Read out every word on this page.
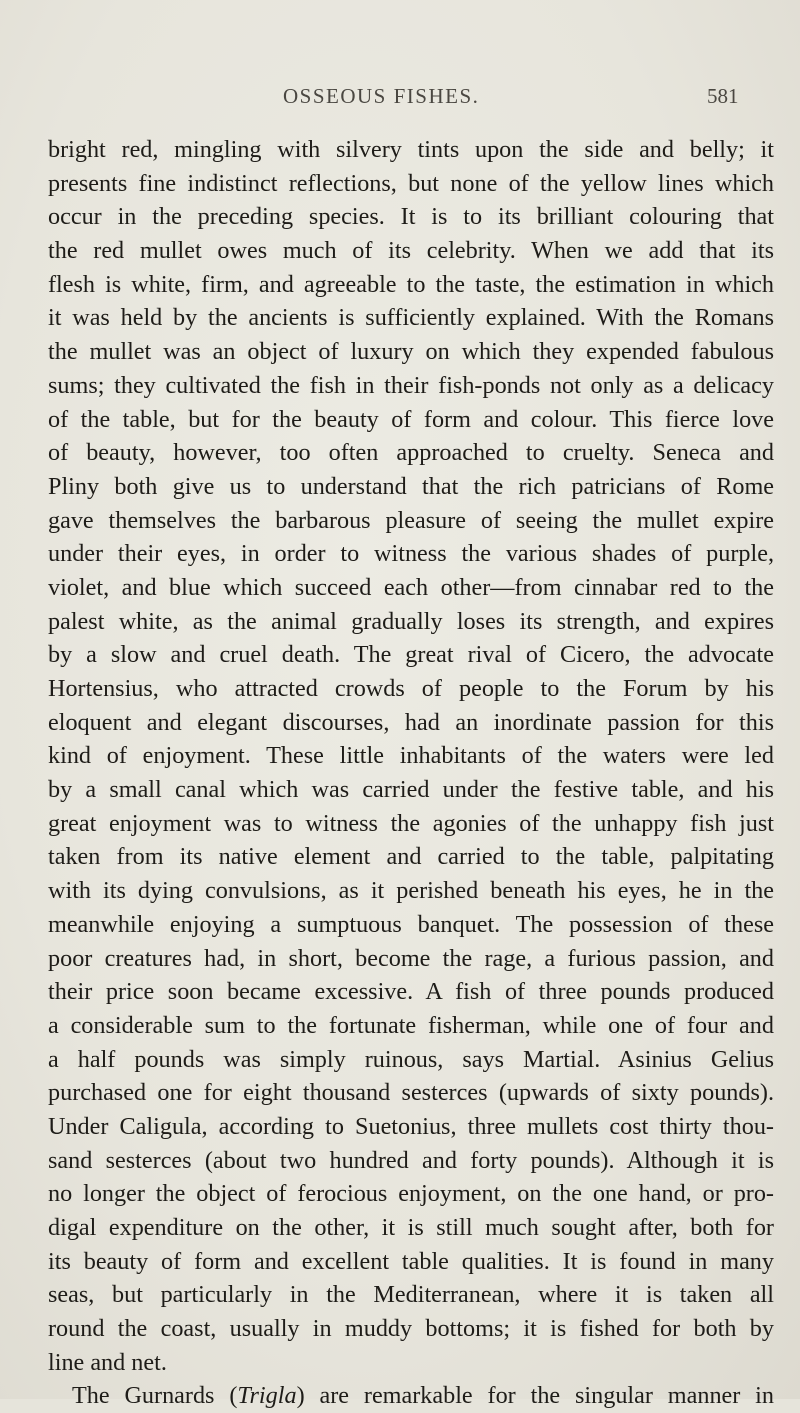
OSSEOUS FISHES.	581
bright red, mingling with silvery tints upon the side and belly; it
presents fine indistinct reflections, but none of the yellow lines which
occur in the preceding species. It is to its brilliant colouring that
the red mullet owes much of its celebrity. When we add that its
flesh is white, firm, and agreeable to the taste, the estimation in which
it was held by the ancients is sufficiently explained. With the Romans
the mullet was an object of luxury on which they expended fabulous
sums; they cultivated the fish in their fish-ponds not only as a delicacy
of the table, but for the beauty of form and colour. This fierce love
of beauty, however, too often approached to cruelty. Seneca and
Pliny both give us to understand that the rich patricians of Rome
gave themselves the barbarous pleasure of seeing the mullet expire
under their eyes, in order to witness the various shades of purple,
violet, and blue which succeed each other—from cinnabar red to the
palest white, as the animal gradually loses its strength, and expires
by a slow and cruel death. The great rival of Cicero, the advocate
Hortensius, who attracted crowds of people to the Forum by his
eloquent and elegant discourses, had an inordinate passion for this
kind of enjoyment. These little inhabitants of the waters were led
by a small canal which was carried under the festive table, and his
great enjoyment was to witness the agonies of the unhappy fish just
taken from its native element and carried to the table, palpitating
with its dying convulsions, as it perished beneath his eyes, he in the
meanwhile enjoying a sumptuous banquet. The possession of these
poor creatures had, in short, become the rage, a furious passion, and
their price soon became excessive. A fish of three pounds produced
a considerable sum to the fortunate fisherman, while one of four and
a half pounds was simply ruinous, says Martial. Asinius Gelius
purchased one for eight thousand sesterces (upwards of sixty pounds).
Under Caligula, according to Suetonius, three mullets cost thirty thou-
sand sesterces (about two hundred and forty pounds). Although it is
no longer the object of ferocious enjoyment, on the one hand, or pro-
digal expenditure on the other, it is still much sought after, both for
its beauty of form and excellent table qualities. It is found in many
seas, but particularly in the Mediterranean, where it is taken all
round the coast, usually in muddy bottoms; it is fished for both by
line and net.
The Gurnards (Trigla) are remarkable for the singular manner in
